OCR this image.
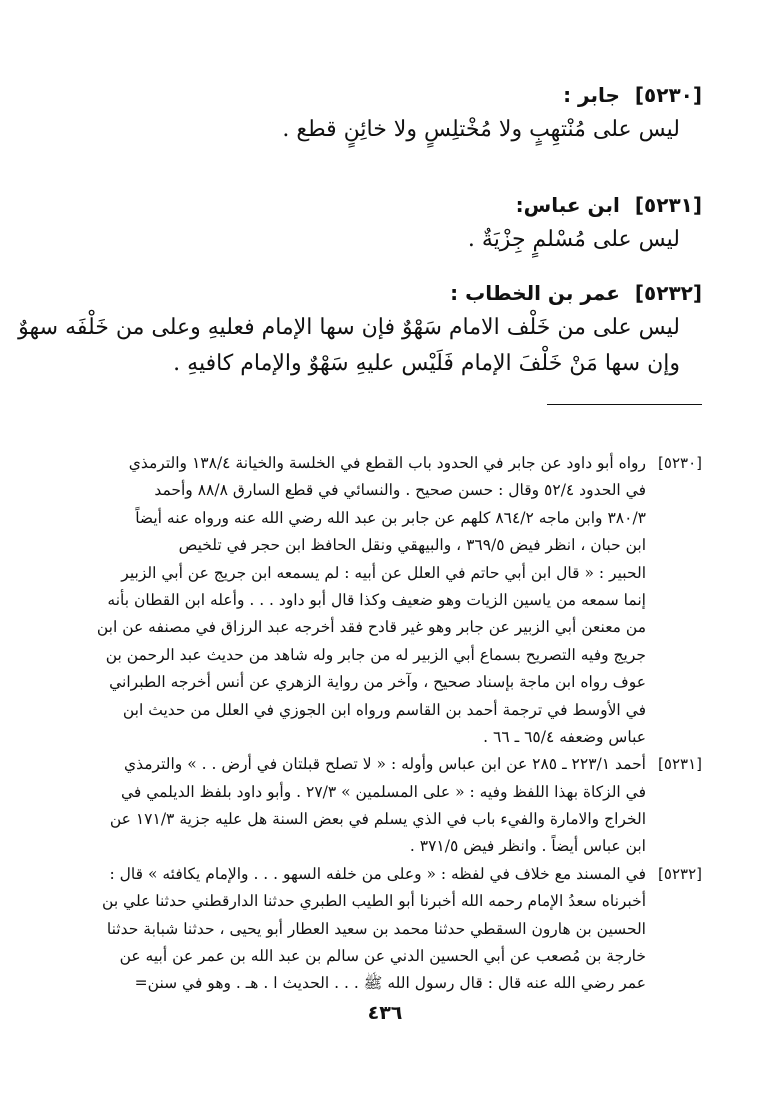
[٥٢٣٠] جابر :
ليس على مُنْتهِبٍ ولا مُخْتلِسٍ ولا خائِنٍ قطع .
[٥٢٣١] ابن عباس:
ليس على مُسْلمٍ جِزْيَةٌ .
[٥٢٣٢] عمر بن الخطاب :
ليس على من خَلْف الامام سَهْوٌ فإن سها الإمام فعليهِ وعلى من خَلْفَه سهوٌ
وإن سها مَنْ خَلْفَ الإمام فَلَيْس عليهِ سَهْوٌ والإمام كافيهِ .
[٥٢٣٠]
رواه أبو داود عن جابر في الحدود باب القطع في الخلسة والخيانة ١٣٨/٤ والترمذي
في الحدود ٥٢/٤ وقال : حسن صحيح . والنسائي في قطع السارق ٨٨/٨ وأحمد
٣٨٠/٣ وابن ماجه ٨٦٤/٢ كلهم عن جابر بن عبد الله رضي الله عنه ورواه عنه أيضاً
ابن حبان ، انظر فيض ٣٦٩/٥ ، والبيهقي ونقل الحافظ ابن حجر في تلخيص
الحبير : « قال ابن أبي حاتم في العلل عن أبيه : لم يسمعه ابن جريج عن أبي الزبير
إنما سمعه من ياسين الزيات وهو ضعيف وكذا قال أبو داود . . . وأعله ابن القطان بأنه
من معنعن أبي الزبير عن جابر وهو غير قادح فقد أخرجه عبد الرزاق في مصنفه عن ابن
جريج وفيه التصريح بسماع أبي الزبير له من جابر وله شاهد من حديث عبد الرحمن بن
عوف رواه ابن ماجة بإسناد صحيح ، وآخر من رواية الزهري عن أنس أخرجه الطبراني
في الأوسط في ترجمة أحمد بن القاسم ورواه ابن الجوزي في العلل من حديث ابن
عباس وضعفه ٦٥/٤ ـ ٦٦ .
[٥٢٣١]
أحمد ٢٢٣/١ ـ ٢٨٥ عن ابن عباس وأوله : « لا تصلح قبلتان في أرض . . » والترمذي
في الزكاة بهذا اللفظ وفيه : « على المسلمين » ٢٧/٣ . وأبو داود بلفظ الديلمي في
الخراج والامارة والفيء باب في الذي يسلم في بعض السنة هل عليه جزية ١٧١/٣ عن
ابن عباس أيضاً . وانظر فيض ٣٧١/٥ .
[٥٢٣٢]
في المسند مع خلاف في لفظه : « وعلى من خلفه السهو . . . والإمام يكافئه » قال :
أخبرناه سعدُ الإمام رحمه الله أخبرنا أبو الطيب الطبري حدثنا الدارقطني حدثنا علي بن
الحسين بن هارون السقطي حدثنا محمد بن سعيد العطار أبو يحيى ، حدثنا شبابة حدثنا
خارجة بن مُصعب عن أبي الحسين الدني عن سالم بن عبد الله بن عمر عن أبيه عن
عمر رضي الله عنه قال : قال رسول الله ﷺ . . . الحديث ا . هـ . وهو في سنن=
٤٣٦
